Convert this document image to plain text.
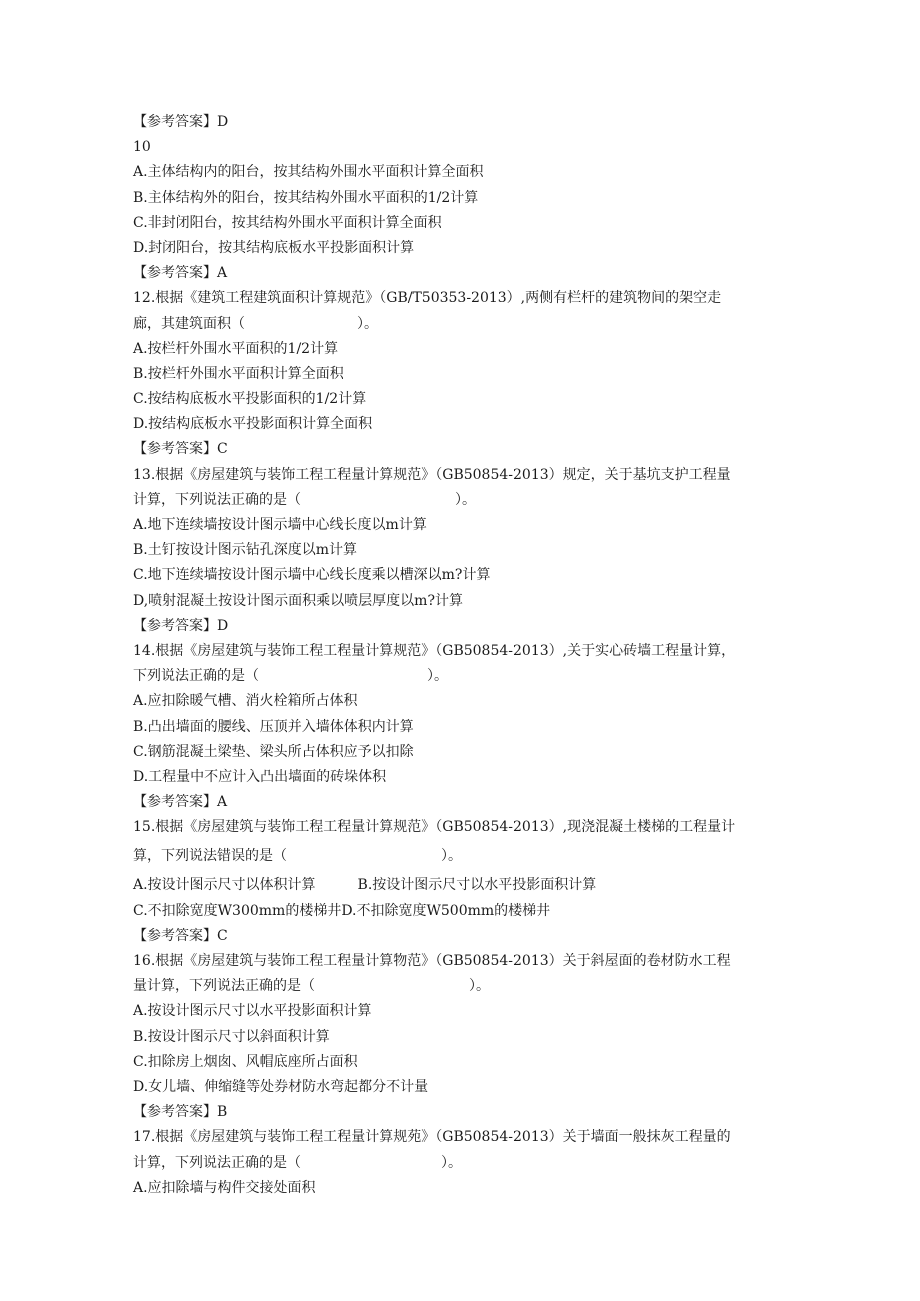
【参考答案】D
10
A.主体结构内的阳台，按其结构外围水平面积计算全面积
B.主体结构外的阳台，按其结构外围水平面积的1/2计算
C.非封闭阳台，按其结构外围水平面积计算全面积
D.封闭阳台，按其结构底板水平投影面积计算
【参考答案】A
12.根据《建筑工程建筑面积计算规范》（GB/T50353-2013）,两侧有栏杆的建筑物间的架空走
廊，其建筑面积（　　　　　　　　）。
A.按栏杆外围水平面积的1/2计算
B.按栏杆外围水平面积计算全面积
C.按结构底板水平投影面积的1/2计算
D.按结构底板水平投影面积计算全面积
【参考答案】C
13.根据《房屋建筑与装饰工程工程量计算规范》（GB50854-2013）规定，关于基坑支护工程量
计算，下列说法正确的是（　　　　　　　　　　　）。
A.地下连续墙按设计图示墙中心线长度以m计算
B.土钉按设计图示钻孔深度以m计算
C.地下连续墙按设计图示墙中心线长度乘以槽深以m?计算
D,喷射混凝土按设计图示面积乘以喷层厚度以m?计算
【参考答案】D
14.根据《房屋建筑与装饰工程工程量计算规范》（GB50854-2013）,关于实心砖墙工程量计算，
下列说法正确的是（　　　　　　　　　　　　）。
A.应扣除暖气槽、消火栓箱所占体积
B.凸出墙面的腰线、压顶并入墙体体积内计算
C.钢筋混凝土梁垫、梁头所占体积应予以扣除
D.工程量中不应计入凸出墙面的砖垛体积
【参考答案】A
15.根据《房屋建筑与装饰工程工程量计算规范》（GB50854-2013）,现浇混凝土楼梯的工程量计
算，下列说法错误的是（　　　　　　　　　　　）。
A.按设计图示尺寸以体积计算　　　B.按设计图示尺寸以水平投影面积计算
C.不扣除宽度W300mm的楼梯井D.不扣除宽度W500mm的楼梯井
【参考答案】C
16.根据《房屋建筑与装饰工程工程量计算物范》（GB50854-2013）关于斜屋面的卷材防水工程
量计算，下列说法正确的是（　　　　　　　　　　　）。
A.按设计图示尺寸以水平投影面积计算
B.按设计图示尺寸以斜面积计算
C.扣除房上烟囱、风帽底座所占面积
D.女儿墙、伸缩缝等处券材防水弯起都分不计量
【参考答案】B
17.根据《房屋建筑与装饰工程工程量计算规苑》（GB50854-2013）关于墙面一般抹灰工程量的
计算，下列说法正确的是（　　　　　　　　　　）。
A.应扣除墙与构件交接处面积
